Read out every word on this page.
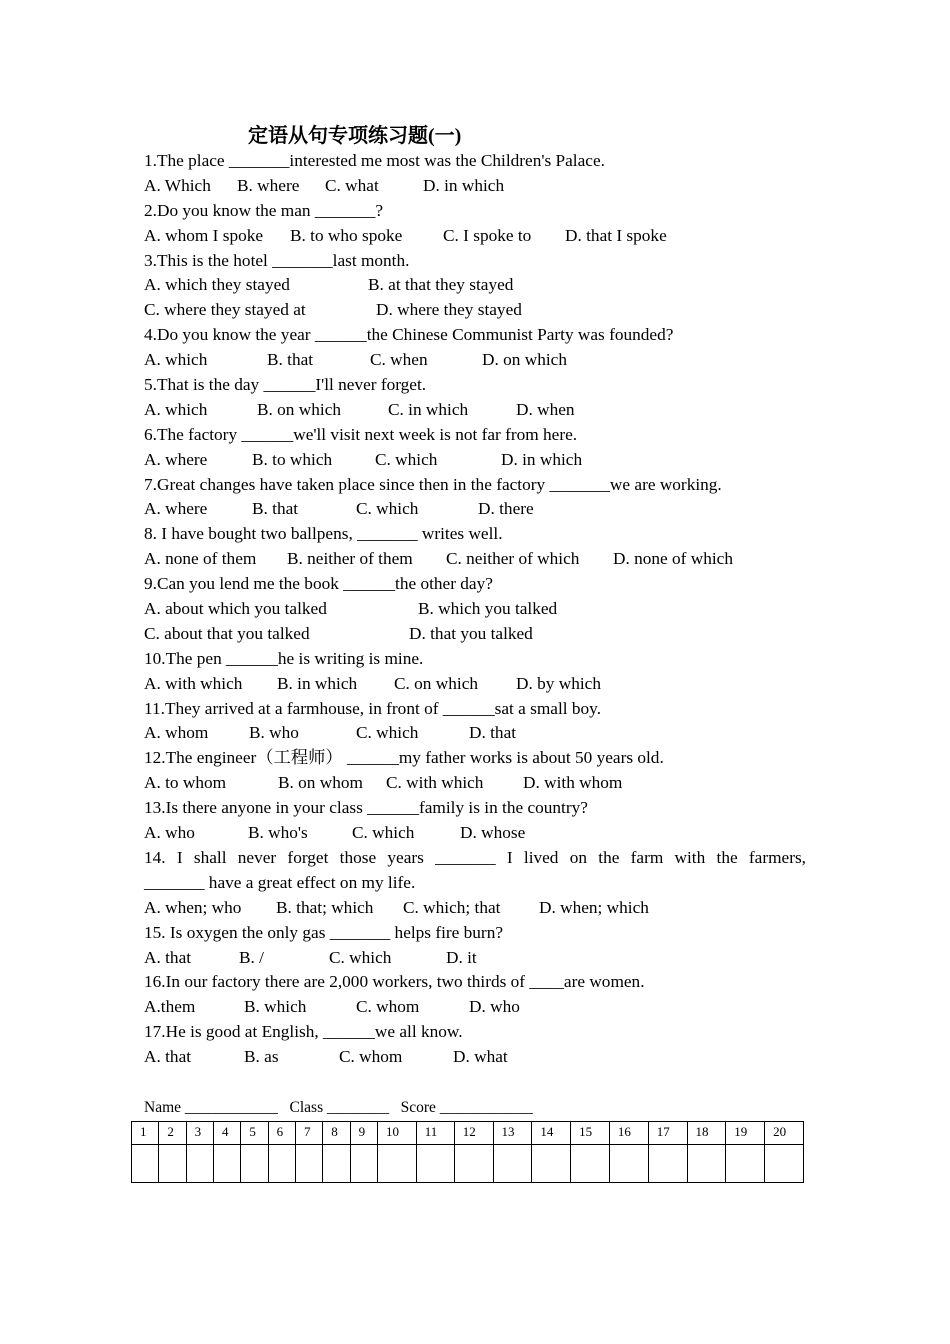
定语从句专项练习题(一)
1.The place _______interested me most was the Children's Palace.
A. Which B. where C. what	D. in which
2.Do you know the man _______?
A. whom I spoke B. to who spoke C. I spoke to D. that I spoke
3.This is the hotel _______last month.
A. which they stayed	B. at that they stayed
C. where they stayed at	D. where they stayed
4.Do you know the year ______the Chinese Communist Party was founded?
A. which	B. that	C. when	D. on which
5.That is the day ______I'll never forget.
A. which	B. on which	C. in which	D. when
6.The factory ______we'll visit next week is not far from here.
A. where	B. to which C. which	D. in which
7.Great changes have taken place since then in the factory _______we are working.
A. where	B. that	C. which	D. there
8. I have bought two ballpens, _______ writes well.
A. none of them B. neither of them C. neither of which D. none of which
9.Can you lend me the book ______the other day?
A. about which you talked	B. which you talked
C. about that you talked	D. that you talked
10.The pen ______he is writing is mine.
A. with which B. in which C. on which D. by which
11.They arrived at a farmhouse, in front of ______sat a small boy.
A. whom B. who	C. which	D. that
12.The engineer（工程师） ______my father works is about 50 years old.
A. to whom	B. on whom C. with which D. with whom
13.Is there anyone in your class ______family is in the country?
A. who	B. who's	C. which	D. whose
14. I shall never forget those years _______ I lived on the farm with the farmers,
_______ have a great effect on my life.
A. when; who B. that; which C. which; that D. when; which
15. Is oxygen the only gas _______ helps fire burn?
A. that	B. /	C. which	D. it
16.In our factory there are 2,000 workers, two thirds of ____are women.
A.them	B. which	C. whom	D. who
17.He is good at English, ______we all know.
A. that	B. as	C. whom	D. what
Name ____________ Class ________ Score ____________
1	2	3	4	5	6	7	8	9	10	11	12	13	14	15	16	17	18	19	20
